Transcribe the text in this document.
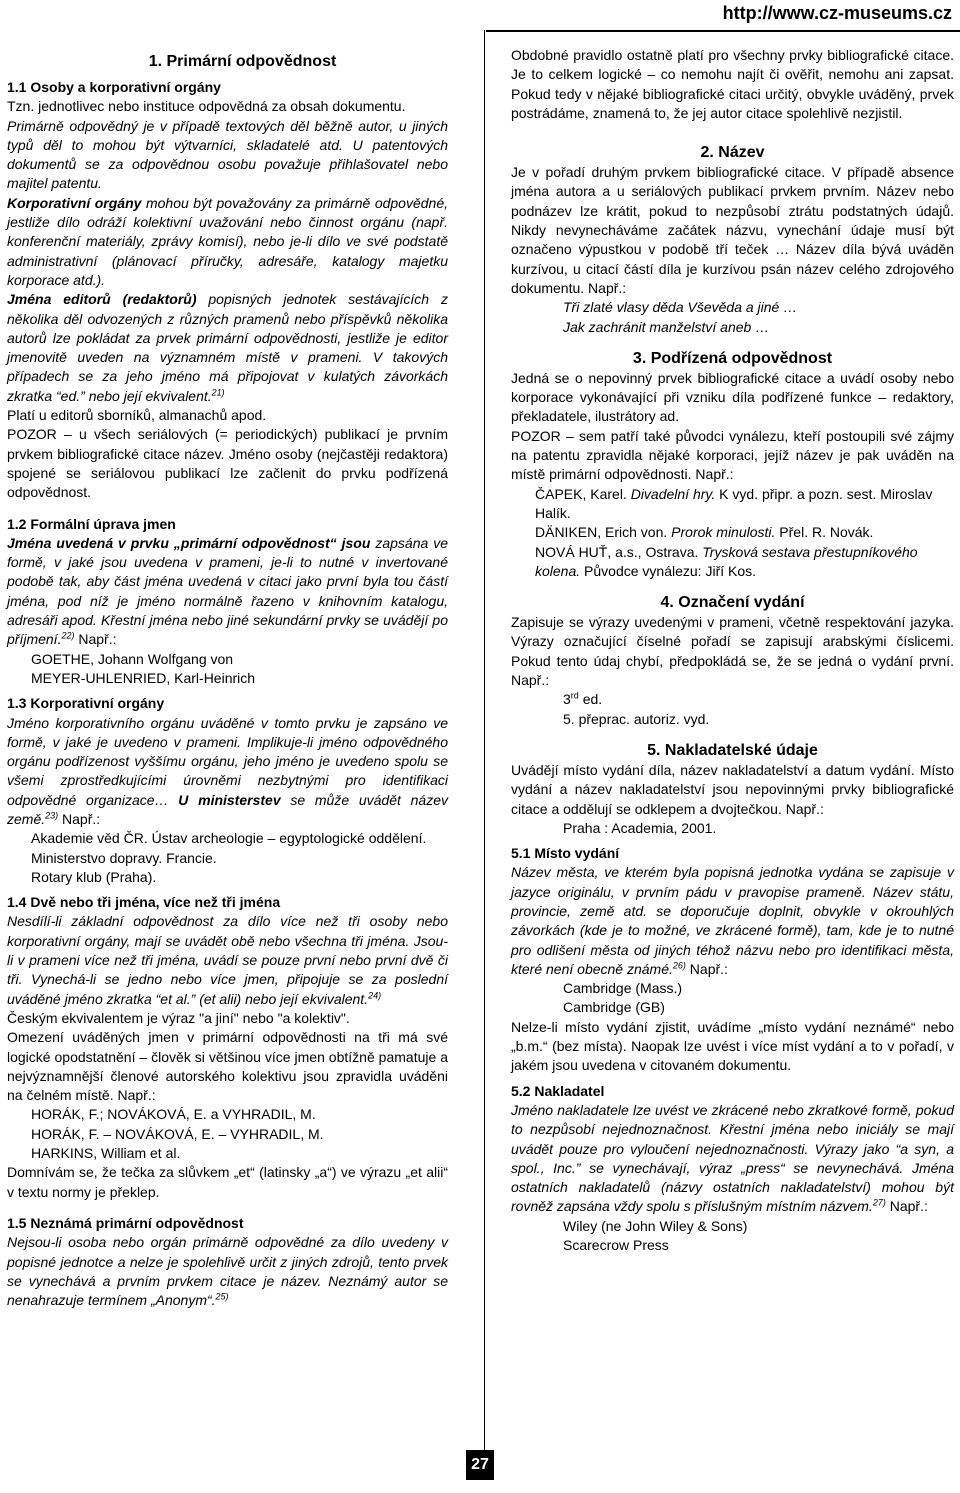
http://www.cz-museums.cz

1. Primární odpovědnost

1.1 Osoby a korporativní orgány

Tzn. jednotlivec nebo instituce odpovědná za obsah dokumentu.

Primárně odpovědný je v případě textových děl běžně autor, u jiných typů děl to mohou být výtvarníci, skladatelé atd. U patentových dokumentů se za odpovědnou osobu považuje přihlašovatel nebo majitel patentu.

Korporativní orgány mohou být považovány za primárně odpovědné, jestliže dílo odráží kolektivní uvažování nebo činnost orgánu (např. konferenční materiály, zprávy komisí), nebo je-li dílo ve své podstatě administrativní (plánovací příručky, adresáře, katalogy majetku korporace atd.).

Jména editorů (redaktorů) popisných jednotek sestávajících z několika děl odvozených z různých pramenů nebo příspěvků několika autorů lze pokládat za prvek primární odpovědnosti, jestliže je editor jmenovitě uveden na významném místě v prameni. V takových případech se za jeho jméno má připojovat v kulatých závorkách zkratka “ed.” nebo její ekvivalent.$^{21)}$

Platí u editorů sborníků, almanachů apod.

POZOR – u všech seriálových (= periodických) publikací je prvním prvkem bibliografické citace název. Jméno osoby (nejčastěji redaktora) spojené se seriálovou publikací lze začlenit do prvku podřízená odpovědnost.

1.2 Formální úprava jmen

Jména uvedená v prvku „primární odpovědnost“ jsou zapsána ve formě, v jaké jsou uvedena v prameni, je-li to nutné v invertované podobě tak, aby část jména uvedená v citaci jako první byla tou částí jména, pod níž je jméno normálně řazeno v knihovním katalogu, adresáři apod. Křestní jména nebo jiné sekundární prvky se uvádějí po příjmení.$^{22)}$ Např.:

GOETHE, Johann Wolfgang von

MEYER-UHLENRIED, Karl-Heinrich

1.3 Korporativní orgány

Jméno korporativního orgánu uváděné v tomto prvku je zapsáno ve formě, v jaké je uvedeno v prameni. Implikuje-li jméno odpovědného orgánu podřízenost vyššímu orgánu, jeho jméno je uvedeno spolu se všemi zprostředkujícími úrovněmi nezbytnými pro identifikaci odpovědné organizace… U ministerstev se může uvádět název země.$^{23)}$ Např.:

Akademie věd ČR. Ústav archeologie – egyptologické oddělení.

Ministerstvo dopravy. Francie.

Rotary klub (Praha).

1.4 Dvě nebo tři jména, více než tři jména

Nesdílí-li základní odpovědnost za dílo více než tři osoby nebo korporativní orgány, mají se uvádět obě nebo všechna tři jména. Jsou-li v prameni více než tři jména, uvádí se pouze první nebo první dvě či tři. Vynechá-li se jedno nebo více jmen, připojuje se za poslední uváděné jméno zkratka “et al.” (et alii) nebo její ekvivalent.$^{24)}$

Českým ekvivalentem je výraz "a jiní" nebo "a kolektiv".

Omezení uváděných jmen v primární odpovědnosti na tři má své logické opodstatnění – člověk si většinou více jmen obtížně pamatuje a nejvýznamnější členové autorského kolektivu jsou zpravidla uváděni na čelném místě. Např.:

HORÁK, F.; NOVÁKOVÁ, E. a VYHRADIL, M.

HORÁK, F. – NOVÁKOVÁ, E. – VYHRADIL, M.

HARKINS, William et al.

Domnívám se, že tečka za slůvkem „et“ (latinsky „a“) ve výrazu „et alii“ v textu normy je překlep.

1.5 Neznámá primární odpovědnost

Nejsou-li osoba nebo orgán primárně odpovědné za dílo uvedeny v popisné jednotce a nelze je spolehlivě určit z jiných zdrojů, tento prvek se vynechává a prvním prvkem citace je název. Neznámý autor se nenahrazuje termínem „Anonym“.$^{25)}$

Obdobné pravidlo ostatně platí pro všechny prvky bibliografické citace. Je to celkem logické – co nemohu najít či ověřit, nemohu ani zapsat. Pokud tedy v nějaké bibliografické citaci určitý, obvykle uváděný, prvek postrádáme, znamená to, že jej autor citace spolehlivě nezjistil.

2. Název

Je v pořadí druhým prvkem bibliografické citace. V případě absence jména autora a u seriálových publikací prvkem prvním. Název nebo podnázev lze krátit, pokud to nezpůsobí ztrátu podstatných údajů. Nikdy nevynecháváme začátek názvu, vynechání údaje musí být označeno výpustkou v podobě tří teček … Název díla bývá uváděn kurzívou, u citací částí díla je kurzívou psán název celého zdrojového dokumentu. Např.:

Tři zlaté vlasy děda Vševěda a jiné …

Jak zachránit manželství aneb …

3. Podřízená odpovědnost

Jedná se o nepovinný prvek bibliografické citace a uvádí osoby nebo korporace vykonávající při vzniku díla podřízené funkce – redaktory, překladatele, ilustrátory ad.

POZOR – sem patří také původci vynálezu, kteří postoupili své zájmy na patentu zpravidla nějaké korporaci, jejíž název je pak uváděn na místě primární odpovědnosti. Např.:

ČAPEK, Karel. Divadelní hry. K vyd. připr. a pozn. sest. Miroslav Halík.

DÄNIKEN, Erich von. Prorok minulosti. Přel. R. Novák.

NOVÁ HUŤ, a.s., Ostrava. Trysková sestava přestupníkového kolena. Původce vynálezu: Jiří Kos.

4. Označení vydání

Zapisuje se výrazy uvedenými v prameni, včetně respektování jazyka. Výrazy označující číselné pořadí se zapisují arabskými číslicemi. Pokud tento údaj chybí, předpokládá se, že se jedná o vydání první. Např.:

3rd ed.

5. přeprac. autoriz. vyd.

5. Nakladatelské údaje

Uvádějí místo vydání díla, název nakladatelství a datum vydání. Místo vydání a název nakladatelství jsou nepovinnými prvky bibliografické citace a oddělují se odklepem a dvojtečkou. Např.:

Praha : Academia, 2001.

5.1 Místo vydání

Název města, ve kterém byla popisná jednotka vydána se zapisuje v jazyce originálu, v prvním pádu v pravopise prameně. Název státu, provincie, země atd. se doporučuje doplnit, obvykle v okrouhlých závorkách (kde je to možné, ve zkrácené formě), tam, kde je to nutné pro odlišení města od jiných téhož názvu nebo pro identifikaci města, které není obecně známé.$^{26)}$ Např.:

Cambridge (Mass.)

Cambridge (GB)

Nelze-li místo vydání zjistit, uvádíme „místo vydání neznámé“ nebo „b.m.“ (bez místa). Naopak lze uvést i více míst vydání a to v pořadí, v jakém jsou uvedena v citovaném dokumentu.

5.2 Nakladatel

Jméno nakladatele lze uvést ve zkrácené nebo zkratkové formě, pokud to nezpůsobí nejednoznačnost. Křestní jména nebo iniciály se mají uvádět pouze pro vyloučení nejednoznačnosti. Výrazy jako “a syn, a spol., Inc.” se vynechávají, výraz „press“ se nevynechává. Jména ostatních nakladatelů (názvy ostatních nakladatelství) mohou být rovněž zapsána vždy spolu s příslušným místním názvem.$^{27)}$ Např.:

Wiley (ne John Wiley & Sons)

Scarecrow Press

27
